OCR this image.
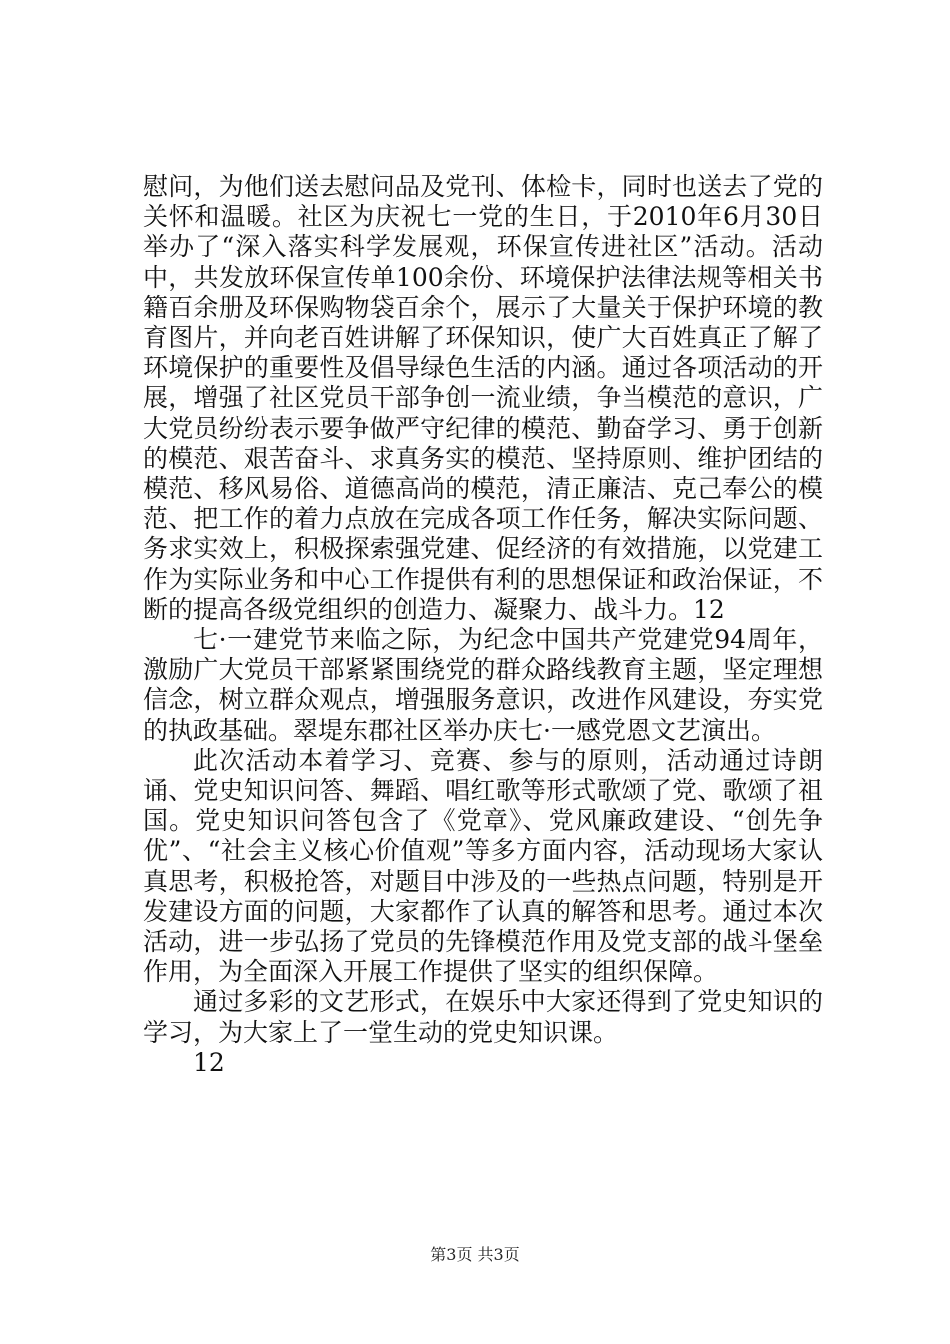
慰问，为他们送去慰问品及党刊、体检卡，同时也送去了党的关怀和温暖。社区为庆祝七一党的生日，于2010年6月30日举办了“深入落实科学发展观，环保宣传进社区”活动。活动中，共发放环保宣传单100余份、环境保护法律法规等相关书籍百余册及环保购物袋百余个，展示了大量关于保护环境的教育图片，并向老百姓讲解了环保知识，使广大百姓真正了解了环境保护的重要性及倡导绿色生活的内涵。通过各项活动的开展，增强了社区党员干部争创一流业绩，争当模范的意识，广大党员纷纷表示要争做严守纪律的模范、勤奋学习、勇于创新的模范、艰苦奋斗、求真务实的模范、坚持原则、维护团结的模范、移风易俗、道德高尚的模范，清正廉洁、克己奉公的模范、把工作的着力点放在完成各项工作任务，解决实际问题、务求实效上，积极探索强党建、促经济的有效措施，以党建工作为实际业务和中心工作提供有利的思想保证和政治保证，不断的提高各级党组织的创造力、凝聚力、战斗力。12

七·一建党节来临之际，为纪念中国共产党建党94周年，激励广大党员干部紧紧围绕党的群众路线教育主题，坚定理想信念，树立群众观点，增强服务意识，改进作风建设，夯实党的执政基础。翠堤东郡社区举办庆七·一感党恩文艺演出。

此次活动本着学习、竞赛、参与的原则，活动通过诗朗诵、党史知识问答、舞蹈、唱红歌等形式歌颂了党、歌颂了祖国。党史知识问答包含了《党章》、党风廉政建设、“创先争优”、“社会主义核心价值观”等多方面内容，活动现场大家认真思考，积极抢答，对题目中涉及的一些热点问题，特别是开发建设方面的问题，大家都作了认真的解答和思考。通过本次活动，进一步弘扬了党员的先锋模范作用及党支部的战斗堡垒作用，为全面深入开展工作提供了坚实的组织保障。

通过多彩的文艺形式，在娱乐中大家还得到了党史知识的学习，为大家上了一堂生动的党史知识课。

12

第3页 共3页
